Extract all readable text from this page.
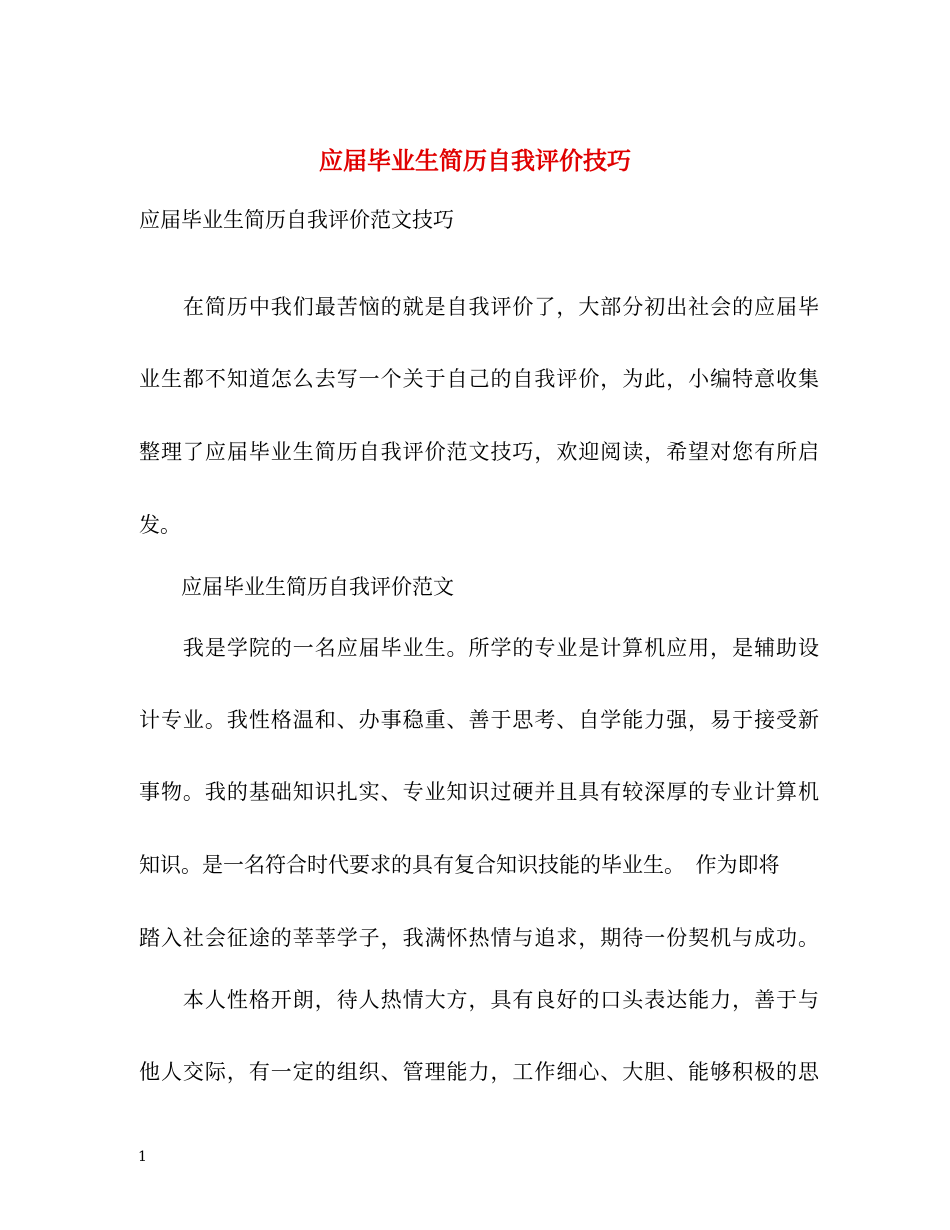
应届毕业生简历自我评价技巧
应届毕业生简历自我评价范文技巧
　　在简历中我们最苦恼的就是自我评价了，大部分初出社会的应届毕
业生都不知道怎么去写一个关于自己的自我评价，为此，小编特意收集
整理了应届毕业生简历自我评价范文技巧，欢迎阅读，希望对您有所启
发。
　　应届毕业生简历自我评价范文
　　我是学院的一名应届毕业生。所学的专业是计算机应用，是辅助设
计专业。我性格温和、办事稳重、善于思考、自学能力强，易于接受新
事物。我的基础知识扎实、专业知识过硬并且具有较深厚的专业计算机
知识。是一名符合时代要求的具有复合知识技能的毕业生。　作为即将
踏入社会征途的莘莘学子，我满怀热情与追求，期待一份契机与成功。
　　本人性格开朗，待人热情大方，具有良好的口头表达能力，善于与
他人交际，有一定的组织、管理能力，工作细心、大胆、能够积极的思
1
